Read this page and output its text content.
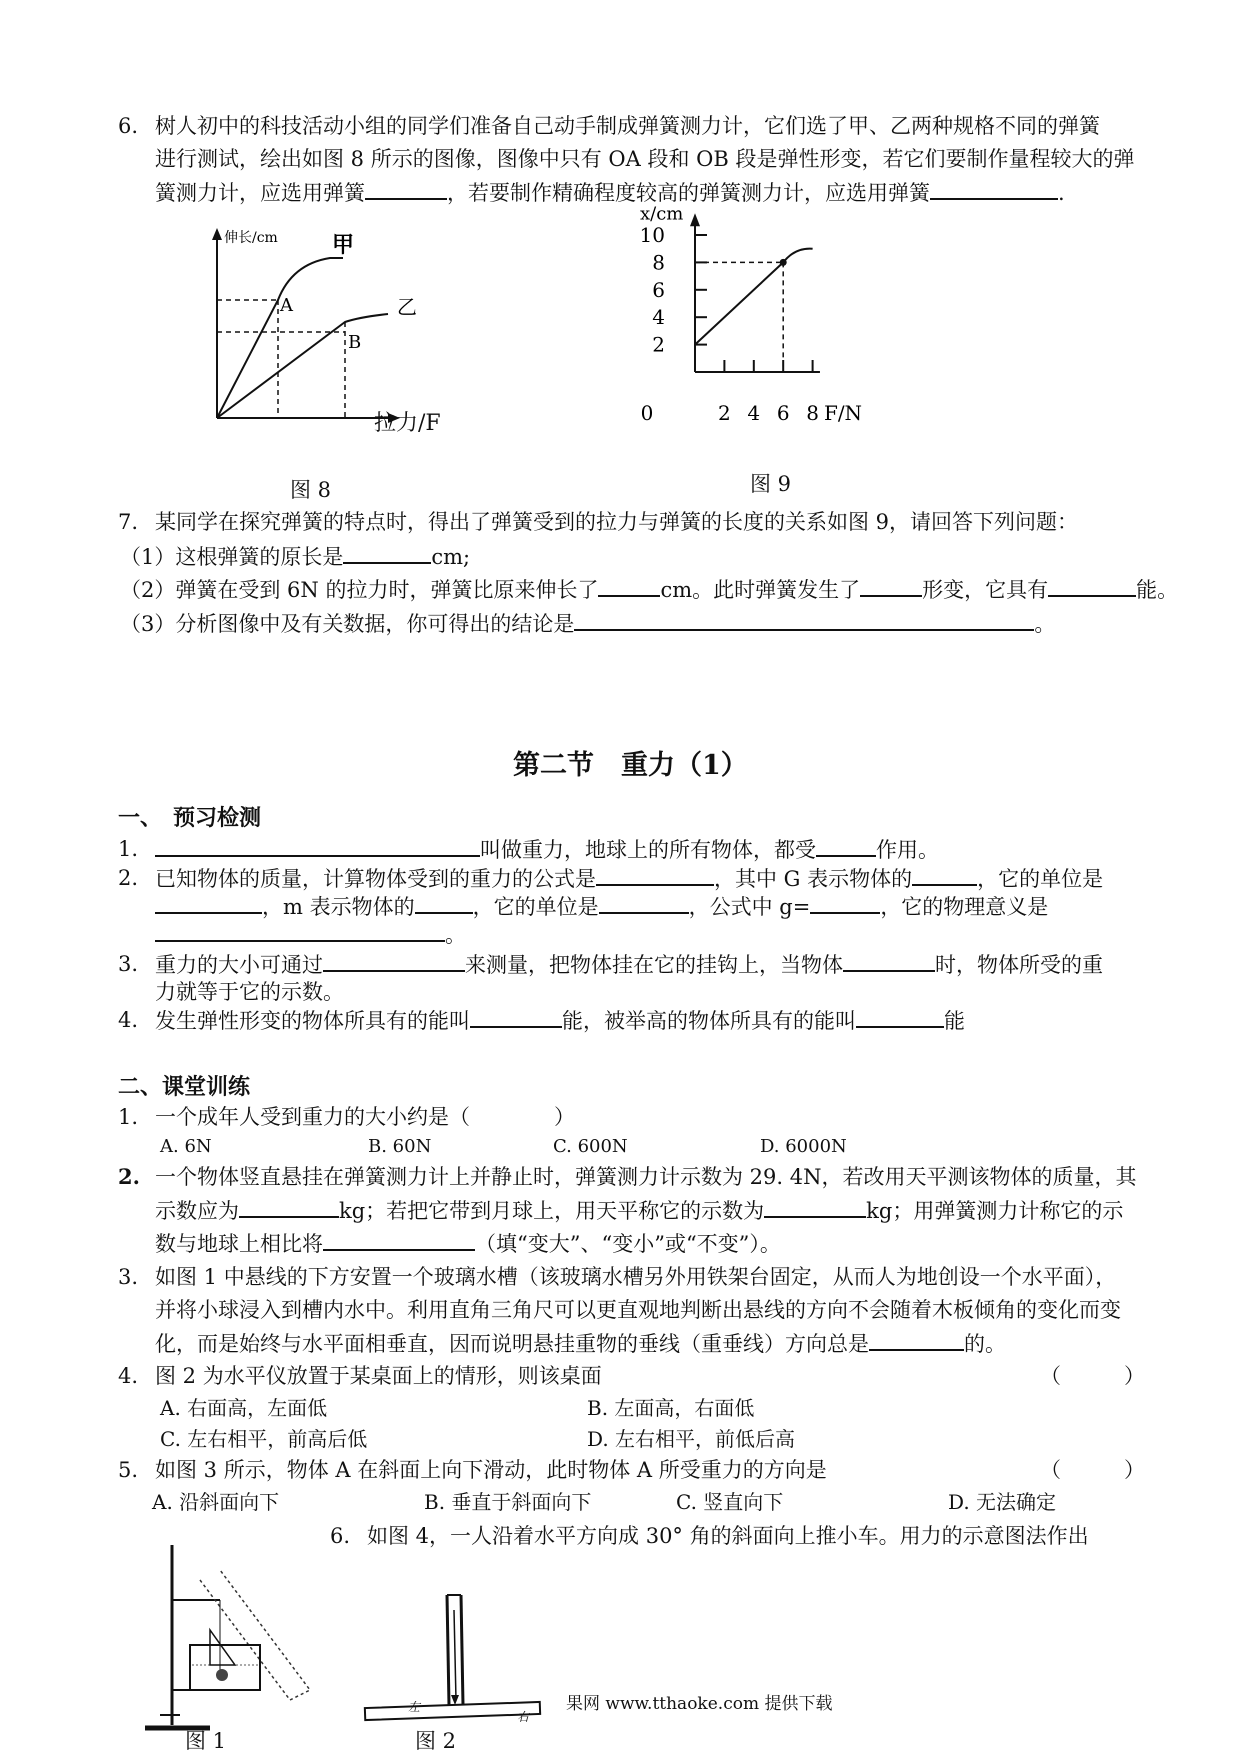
6. 树人初中的科技活动小组的同学们准备自己动手制成弹簧测力计，它们选了甲、乙两种规格不同的弹簧
进行测试，绘出如图 8 所示的图像，图像中只有 OA 段和 OB 段是弹性形变，若它们要制作量程较大的弹
簧测力计，应选用弹簧	，若要制作精确程度较高的弹簧测力计，应选用弹簧	.
伸长/cm 甲
乙
A
B
拉力/F
图 8
x/cm
F/N
2
4
6
8
10
0	2 4 6 8
图 9
7. 某同学在探究弹簧的特点时，得出了弹簧受到的拉力与弹簧的长度的关系如图 9，请回答下列问题：
（1）这根弹簧的原长是	cm;
（2）弹簧在受到 6N 的拉力时，弹簧比原来伸长了	cm。此时弹簧发生了	形变，它具有	能。
（3）分析图像中及有关数据，你可得出的结论是	。
第二节　重力（1）
一、　预习检测
1.	叫做重力，地球上的所有物体，都受	作用。
2. 已知物体的质量，计算物体受到的重力的公式是	，其中 G 表示物体的	，它的单位是
，m 表示物体的	，它的单位是	，公式中 g=	，它的物理意义是
。
3. 重力的大小可通过	来测量，把物体挂在它的挂钩上，当物体	时，物体所受的重
力就等于它的示数。
4. 发生弹性形变的物体所具有的能叫	能，被举高的物体所具有的能叫	能
二、课堂训练
1. 一个成年人受到重力的大小约是（　　　　）
A. 6N	B. 60N	C. 600N	D. 6000N
2. 一个物体竖直悬挂在弹簧测力计上并静止时，弹簧测力计示数为 29. 4N，若改用天平测该物体的质量，其
示数应为	kg；若把它带到月球上，用天平称它的示数为	kg；用弹簧测力计称它的示
数与地球上相比将	（填“变大”、“变小”或“不变”）。
3. 如图 1 中悬线的下方安置一个玻璃水槽（该玻璃水槽另外用铁架台固定，从而人为地创设一个水平面），
并将小球浸入到槽内水中。利用直角三角尺可以更直观地判断出悬线的方向不会随着木板倾角的变化而变
化，而是始终与水平面相垂直，因而说明悬挂重物的垂线（重垂线）方向总是	的。
4. 图 2 为水平仪放置于某桌面上的情形，则该桌面	（　　　）
A. 右面高，左面低	B. 左面高，右面低
C. 左右相平，前高后低	D. 左右相平，前低后高
5. 如图 3 所示，物体 A 在斜面上向下滑动，此时物体 A 所受重力的方向是	（　　　）
A. 沿斜面向下	B. 垂直于斜面向下	C. 竖直向下	D. 无法确定
6. 如图 4，一人沿着水平方向成 30° 角的斜面向上推小车。用力的示意图法作出
图 1
左
右
图 2
果网 www.tthaoke.com 提供下载
